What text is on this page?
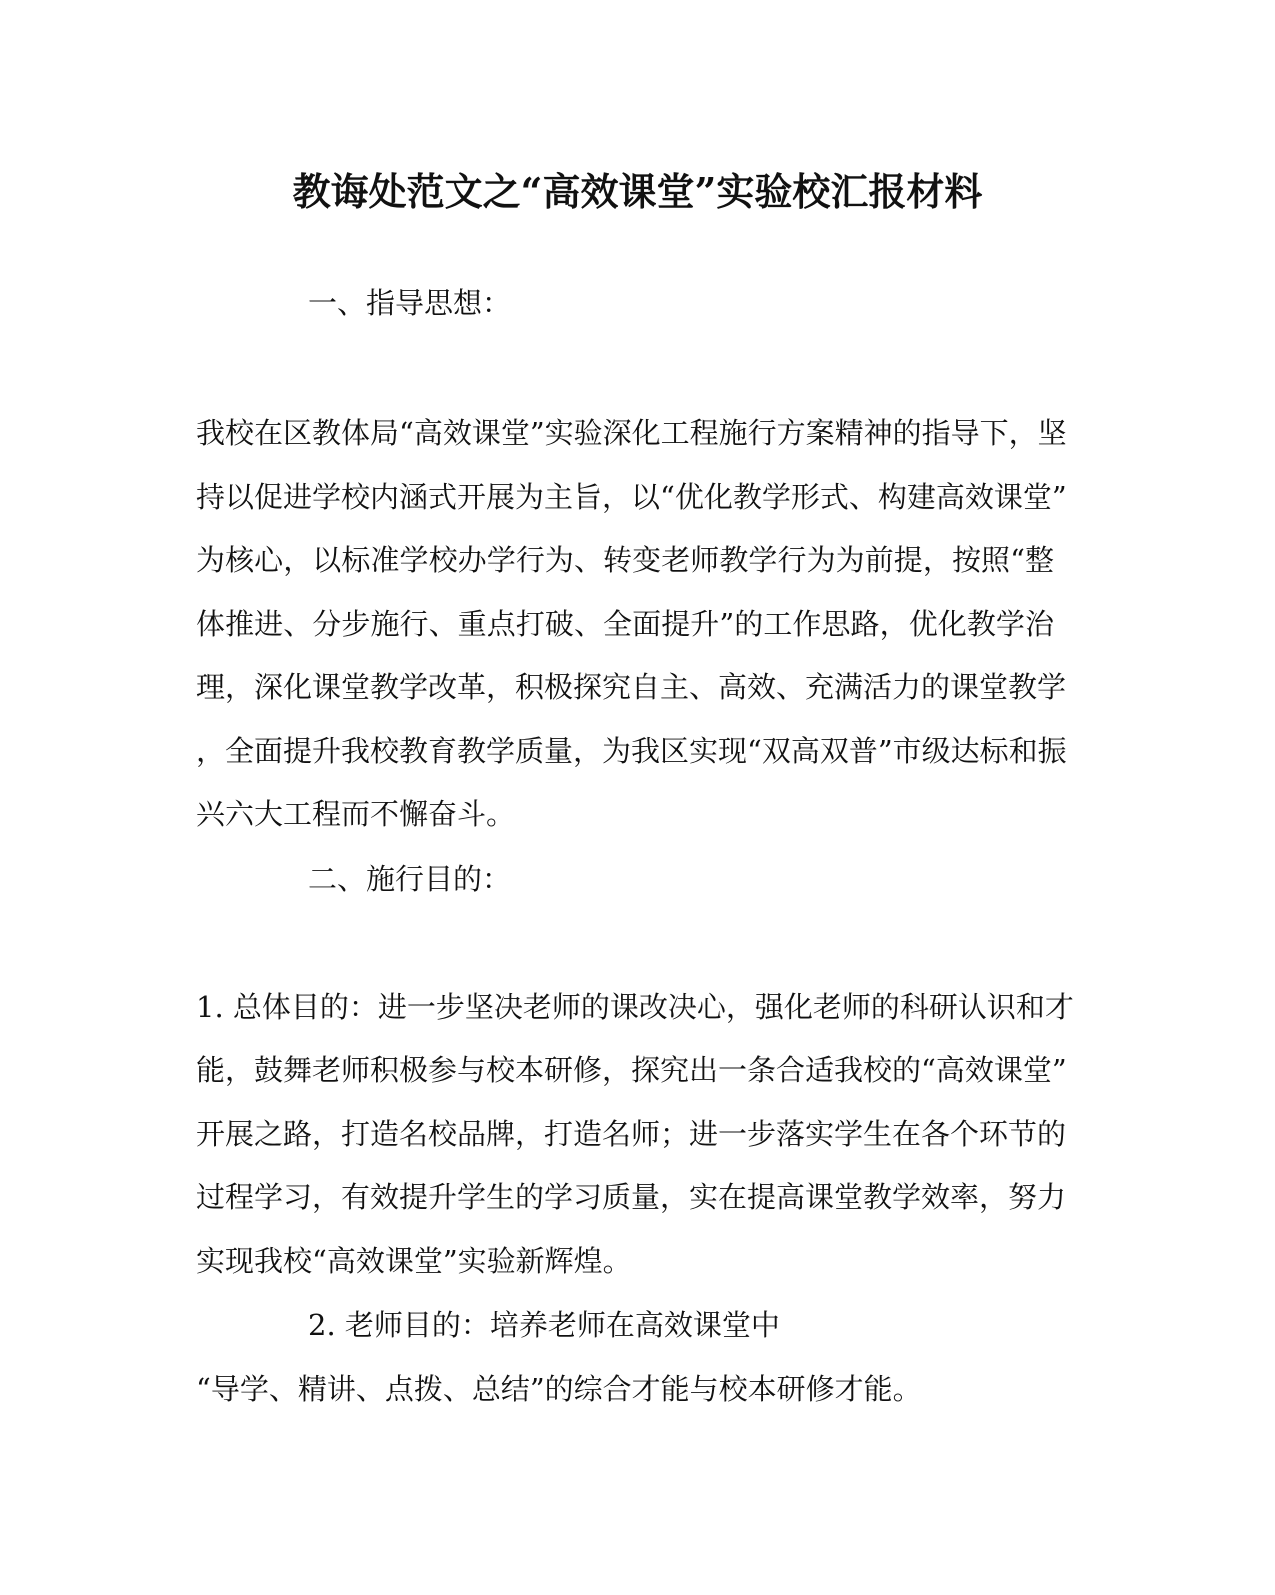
教诲处范文之“高效课堂”实验校汇报材料
一、指导思想：
我校在区教体局“高效课堂”实验深化工程施行方案精神的指导下，坚
持以促进学校内涵式开展为主旨，以“优化教学形式、构建高效课堂”
为核心，以标准学校办学行为、转变老师教学行为为前提，按照“整
体推进、分步施行、重点打破、全面提升”的工作思路，优化教学治
理，深化课堂教学改革，积极探究自主、高效、充满活力的课堂教学
，全面提升我校教育教学质量，为我区实现“双高双普”市级达标和振
兴六大工程而不懈奋斗。
二、施行目的：
1. 总体目的：进一步坚决老师的课改决心，强化老师的科研认识和才
能，鼓舞老师积极参与校本研修，探究出一条合适我校的“高效课堂”
开展之路，打造名校品牌，打造名师；进一步落实学生在各个环节的
过程学习，有效提升学生的学习质量，实在提高课堂教学效率，努力
实现我校“高效课堂”实验新辉煌。
2. 老师目的：培养老师在高效课堂中
“导学、精讲、点拨、总结”的综合才能与校本研修才能。
